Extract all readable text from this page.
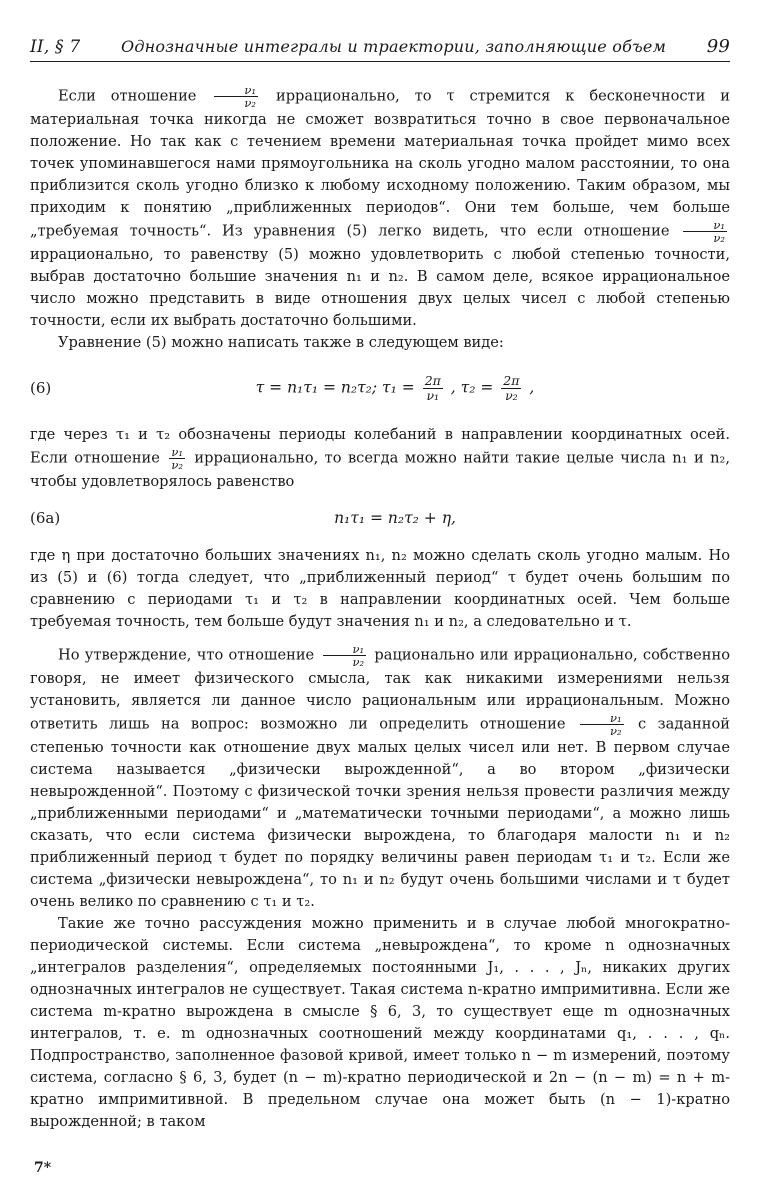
II, § 7	Однозначные интегралы и траектории, заполняющие объем	99

Если отношение $\frac{\text{ν₁}}{\text{ν₂}}$ иррационально, то τ стремится к бесконечности и материальная точка никогда не сможет возвратиться точно в свое первоначальное положение. Но так как с течением времени материальная точка пройдет мимо всех точек упоминавшегося нами прямоугольника на сколь угодно малом расстоянии, то она приблизится сколь угодно близко к любому исходному положению. Таким образом, мы приходим к понятию „приближенных периодов“. Они тем больше, чем больше „требуемая точность“. Из уравнения (5) легко видеть, что если отношение $\frac{\text{ν₁}}{\text{ν₂}}$
иррационально, то равенству (5) можно удовлетворить с любой степенью точности, выбрав достаточно большие значения n₁ и n₂. В самом деле, всякое иррациональное число можно представить в виде отношения двух целых чисел с любой степенью точности, если их выбрать достаточно большими.

Уравнение (5) можно написать также в следующем виде:

(6)	τ = n₁τ₁ = n₂τ₂; $\tau_1 = \frac{2\pi}{\text{ν₁}}$ , $\tau_2 = \frac{2\pi}{\text{ν₂}}$ ,

где через τ₁ и τ₂ обозначены периоды колебаний в направлении координатных осей. Если отношение $\frac{\text{ν₁}}{\text{ν₂}}$ иррационально, то всегда можно найти такие целые числа n₁ и n₂, чтобы удовлетворялось равенство

(6а)	n₁τ₁ = n₂τ₂ + η,

где η при достаточно больших значениях n₁, n₂ можно сделать сколь угодно малым. Но из (5) и (6) тогда следует, что „приближенный период“ τ будет очень большим по сравнению с периодами τ₁ и τ₂ в направлении координатных осей. Чем больше требуемая точность, тем больше будут значения n₁ и n₂, а следовательно и τ.

Но утверждение, что отношение $\frac{\text{ν₁}}{\text{ν₂}}$ рационально или иррационально, собственно говоря, не имеет физического смысла, так как никакими измерениями нельзя установить, является ли данное число рациональным или иррациональным. Можно ответить лишь на вопрос: возможно ли определить отношение $\frac{\text{ν₁}}{\text{ν₂}}$ с заданной степенью точности как отношение двух малых целых чисел или нет. В первом случае система называется „физически вырожденной“, а во втором „физически невырожденной“. Поэтому с физической точки зрения нельзя провести различия между „приближенными периодами“ и „математически точными периодами“, а можно лишь сказать, что если система физически вырождена, то благодаря малости n₁ и n₂ приближенный период τ будет по порядку величины равен периодам τ₁ и τ₂. Если же система „физически невырождена“, то n₁ и n₂ будут очень большими числами и τ будет очень велико по сравнению с τ₁ и τ₂.

Такие же точно рассуждения можно применить и в случае любой многократно-периодической системы. Если система „невырождена“, то кроме n однозначных „интегралов разделения“, определяемых постоянными J₁, . . . , Jₙ, никаких других однозначных интегралов не существует. Такая система n-кратно импримитивна. Если же система m-кратно вырождена в смысле § 6, 3, то существует еще m однозначных интегралов, т. е. m однозначных соотношений между координатами q₁, . . . , qₙ. Подпространство, заполненное фазовой кривой, имеет только n − m измерений, поэтому система, согласно § 6, 3, будет (n − m)-кратно периодической и 2n − (n − m) = n + m-кратно импримитивной. В предельном случае она может быть (n − 1)-кратно вырожденной; в таком

7*
